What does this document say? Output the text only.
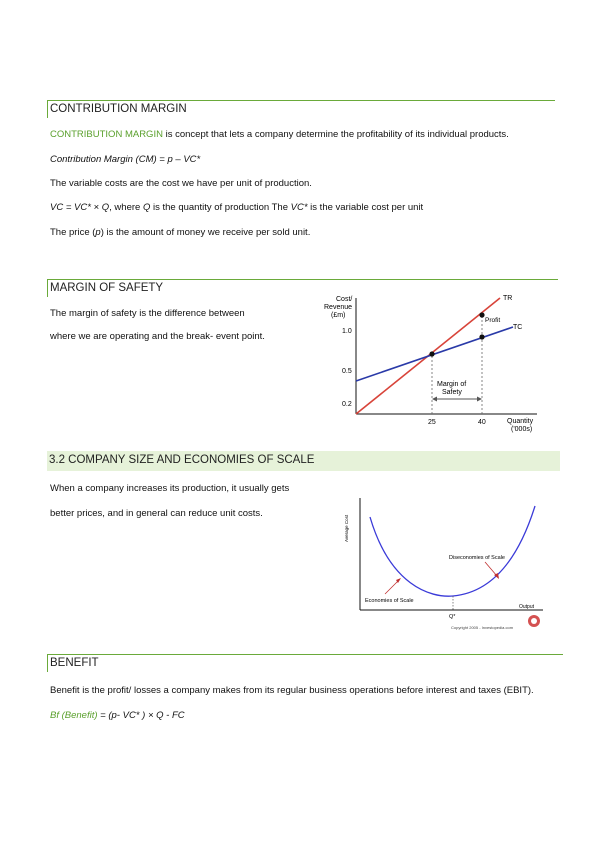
CONTRIBUTION MARGIN
CONTRIBUTION MARGIN is concept that lets a company determine the profitability of its individual products.
Contribution Margin (CM) = p – VC*
The variable costs are the cost we have per unit of production.
VC = VC* × Q, where Q is the quantity of production The VC* is the variable cost per unit
The price (p) is the amount of money we receive per sold unit.
MARGIN OF SAFETY
The margin of safety is the difference between
where we are operating and the break- event point.
Cost/
Revenue
(£m)
0.2
0.5
1.0
25	40
TR
TC
Profit
Margin of
Safety
Quantity
('000s)
3.2 COMPANY SIZE AND ECONOMIES OF SCALE
When a company increases its production, it usually gets
better prices, and in general can reduce unit costs.
Average Cost
Q*
Output
Diseconomies of Scale
Economies of Scale
Copyright 2005 - Investopedia.com
BENEFIT
Benefit is the profit/ losses a company makes from its regular business operations before interest and taxes (EBIT).
Bf (Benefit) = (p- VC* ) × Q - FC
